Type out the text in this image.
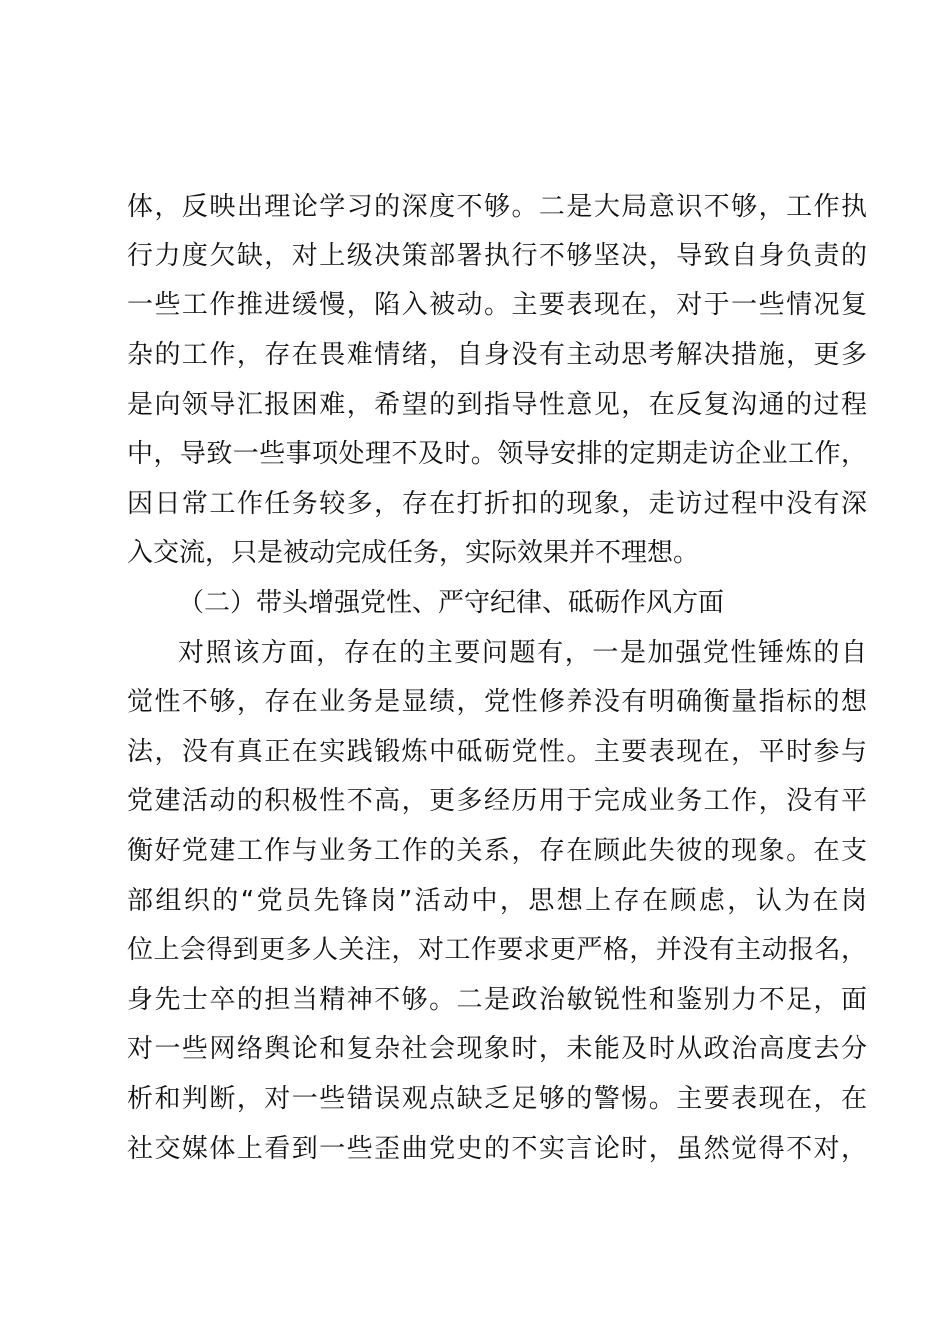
体，反映出理论学习的深度不够。二是大局意识不够，工作执
行力度欠缺，对上级决策部署执行不够坚决，导致自身负责的
一些工作推进缓慢，陷入被动。主要表现在，对于一些情况复
杂的工作，存在畏难情绪，自身没有主动思考解决措施，更多
是向领导汇报困难，希望的到指导性意见，在反复沟通的过程
中，导致一些事项处理不及时。领导安排的定期走访企业工作，
因日常工作任务较多，存在打折扣的现象，走访过程中没有深
入交流，只是被动完成任务，实际效果并不理想。
（二）带头增强党性、严守纪律、砥砺作风方面
对照该方面，存在的主要问题有，一是加强党性锤炼的自
觉性不够，存在业务是显绩，党性修养没有明确衡量指标的想
法，没有真正在实践锻炼中砥砺党性。主要表现在，平时参与
党建活动的积极性不高，更多经历用于完成业务工作，没有平
衡好党建工作与业务工作的关系，存在顾此失彼的现象。在支
部组织的“党员先锋岗”活动中，思想上存在顾虑，认为在岗
位上会得到更多人关注，对工作要求更严格，并没有主动报名，
身先士卒的担当精神不够。二是政治敏锐性和鉴别力不足，面
对一些网络舆论和复杂社会现象时，未能及时从政治高度去分
析和判断，对一些错误观点缺乏足够的警惕。主要表现在，在
社交媒体上看到一些歪曲党史的不实言论时，虽然觉得不对，
